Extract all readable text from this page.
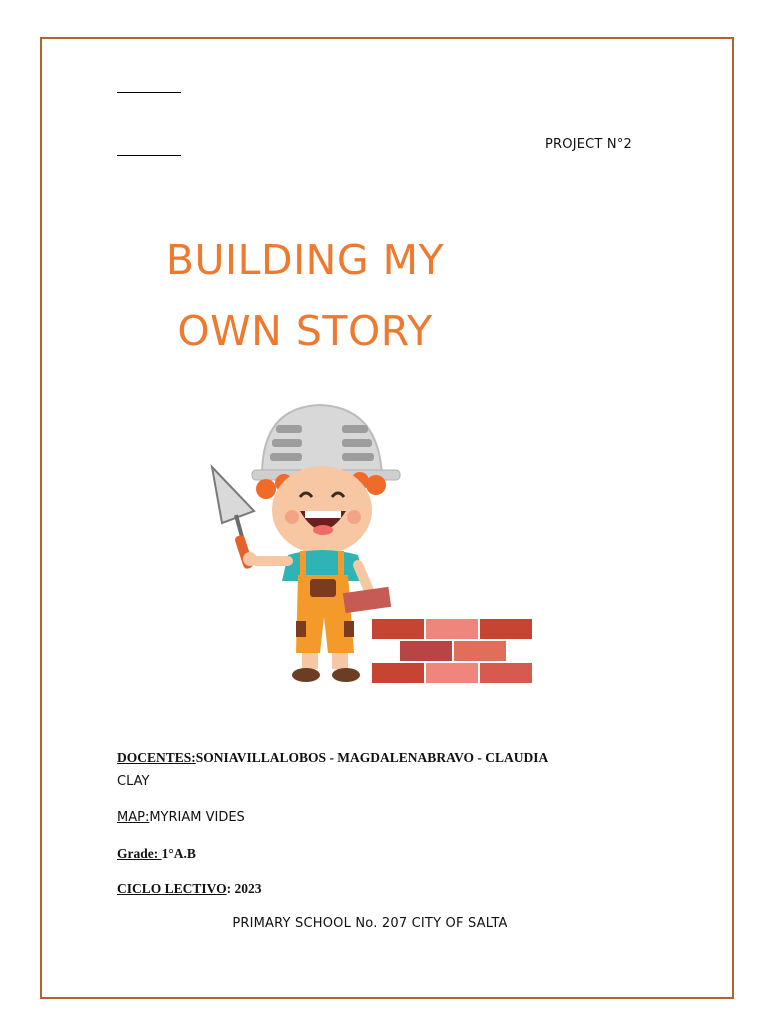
PROJECT N°2
BUILDING MY
OWN STORY
DOCENTES:SONIAVILLALOBOS - MAGDALENABRAVO - CLAUDIA
CLAY
MAP:MYRIAM VIDES
Grade: 1°A.B
CICLO LECTIVO: 2023
PRIMARY SCHOOL No. 207 CITY OF SALTA
